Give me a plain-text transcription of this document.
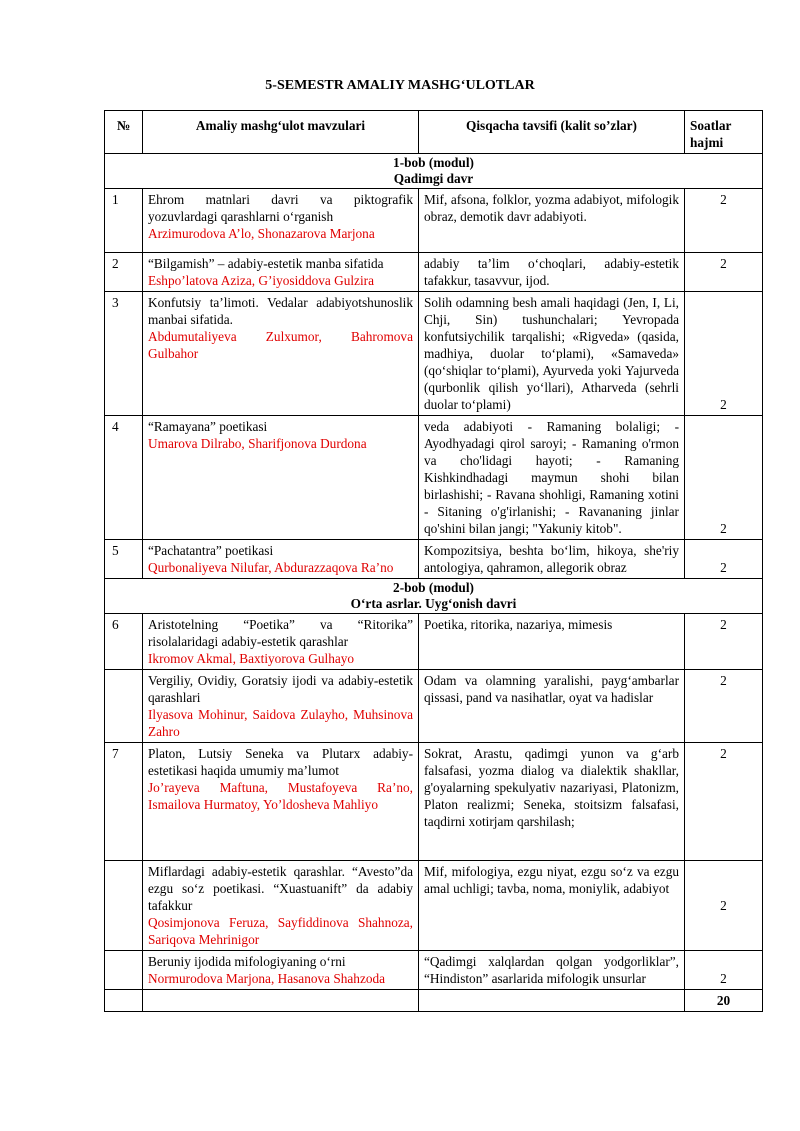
5-SEMESTR AMALIY MASHG‘ULOTLAR
№	Amaliy mashg‘ulot mavzulari	Qisqacha tavsifi (kalit so’zlar)	Soatlar
hajmi
1-bob (modul)
Qadimgi davr			
1	Ehrom matnlari davri va piktografik yozuvlardagi qarashlarni o‘rganish
Arzimurodova A’lo, Shonazarova Marjona	Mif, afsona, folklor, yozma adabiyot, mifologik obraz, demotik davr adabiyoti.	2
2	“Bilgamish” – adabiy-estetik manba sifatida
Eshpo’latova Aziza, G’iyosiddova Gulzira	adabiy ta’lim o‘choqlari, adabiy-estetik tafakkur, tasavvur, ijod.	2
3	Konfutsiy ta’limoti. Vedalar adabiyotshunoslik manbai sifatida.
Abdumutaliyeva Zulxumor, Bahromova Gulbahor	Solih odamning besh amali haqidagi (Jen, I, Li, Chji, Sin) tushunchalari; Yevropada konfutsiychilik tarqalishi; «Rigveda» (qasida, madhiya, duolar to‘plami), «Samaveda» (qo‘shiqlar to‘plami), Ayurveda yoki Yajurveda (qurbonlik qilish yo‘llari), Atharveda (sehrli duolar to‘plami)	2
4	“Ramayana” poetikasi
Umarova Dilrabo, Sharifjonova Durdona	veda adabiyoti - Ramaning bolaligi; - Ayodhyadagi qirol saroyi; - Ramaning o'rmon va cho'lidagi hayoti; - Ramaning Kishkindhadagi maymun shohi bilan birlashishi; - Ravana shohligi, Ramaning xotini - Sitaning o'g'irlanishi; - Ravananing jinlar qo'shini bilan jangi; "Yakuniy kitob".	2
5	“Pachatantra” poetikasi
Qurbonaliyeva Nilufar, Abdurazzaqova Ra’no	Kompozitsiya, beshta bo‘lim, hikoya, she'riy antologiya, qahramon, allegorik obraz	2
2-bob (modul)
O‘rta asrlar. Uyg‘onish davri			
6	Aristotelning “Poetika” va “Ritorika” risolalaridagi adabiy-estetik qarashlar
Ikromov Akmal, Baxtiyorova Gulhayo	Poetika, ritorika, nazariya, mimesis	2
	Vergiliy, Ovidiy, Goratsiy ijodi va adabiy-estetik qarashlari
Ilyasova Mohinur, Saidova Zulayho, Muhsinova Zahro	Odam va olamning yaralishi, payg‘ambarlar qissasi, pand va nasihatlar, oyat va hadislar	2
7	Platon, Lutsiy Seneka va Plutarx adabiy-estetikasi haqida umumiy ma’lumot
Jo’rayeva Maftuna, Mustafoyeva Ra’no, Ismailova Hurmatoy, Yo’ldosheva Mahliyo	Sokrat, Arastu, qadimgi yunon va g‘arb falsafasi, yozma dialog va dialektik shakllar, g'oyalarning spekulyativ nazariyasi, Platonizm, Platon realizmi; Seneka, stoitsizm falsafasi, taqdirni xotirjam qarshilash;	2
	Miflardagi adabiy-estetik qarashlar. “Avesto”da ezgu so‘z poetikasi. “Xuastuanift” da adabiy tafakkur
Qosimjonova Feruza, Sayfiddinova Shahnoza, Sariqova Mehrinigor	Mif, mifologiya, ezgu niyat, ezgu so‘z va ezgu amal uchligi; tavba, noma, moniylik, adabiyot	2
	Beruniy ijodida mifologiyaning o‘rni
Normurodova Marjona, Hasanova Shahzoda	“Qadimgi xalqlardan qolgan yodgorliklar”, “Hindiston” asarlarida mifologik unsurlar	2
			20
